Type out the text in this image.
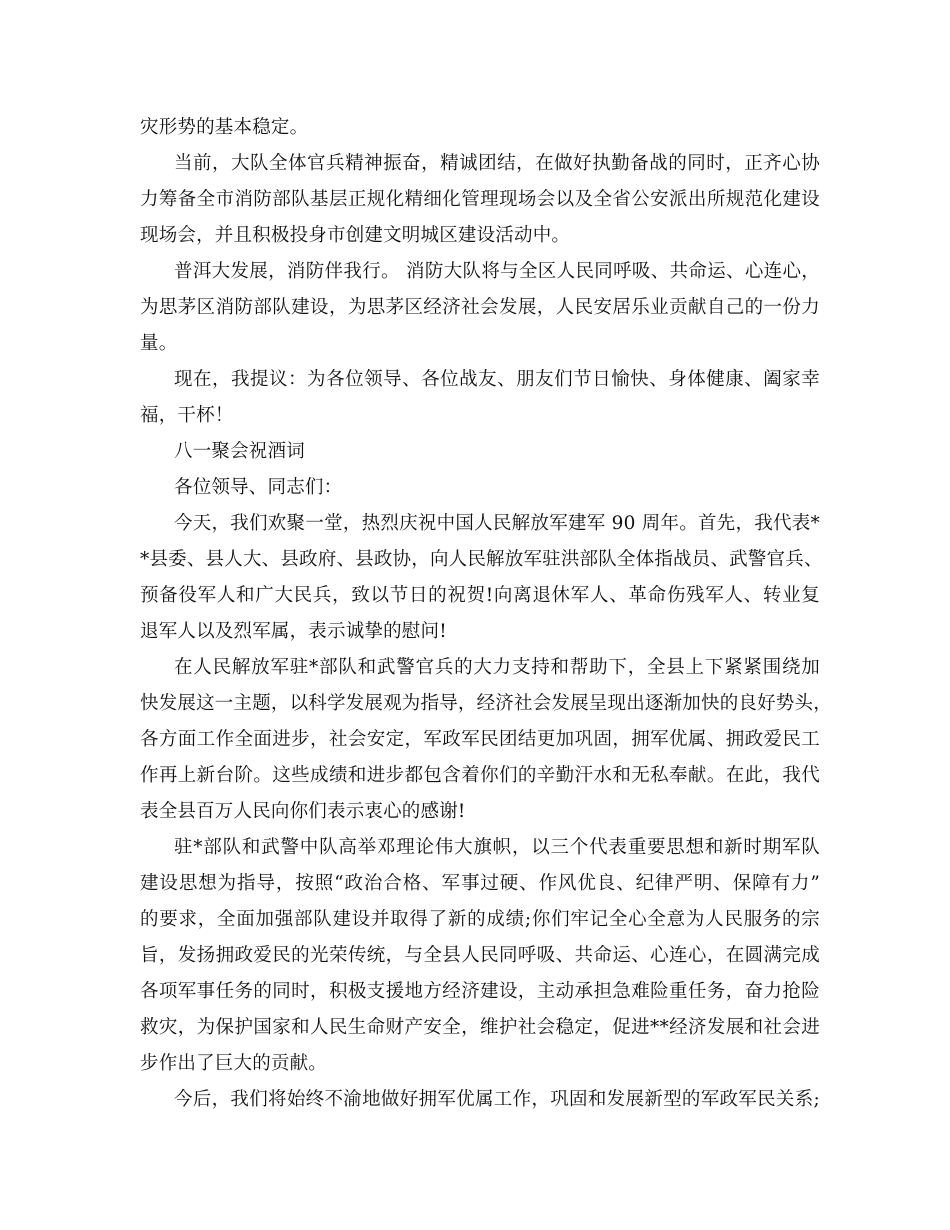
灾形势的基本稳定。
当前，大队全体官兵精神振奋，精诚团结，在做好执勤备战的同时，正齐心协
力筹备全市消防部队基层正规化精细化管理现场会以及全省公安派出所规范化建设
现场会，并且积极投身市创建文明城区建设活动中。
普洱大发展，消防伴我行。 消防大队将与全区人民同呼吸、共命运、心连心，
为思茅区消防部队建设，为思茅区经济社会发展，人民安居乐业贡献自己的一份力
量。
现在，我提议：为各位领导、各位战友、朋友们节日愉快、身体健康、阖家幸
福，干杯！
八一聚会祝酒词
各位领导、同志们：
今天，我们欢聚一堂，热烈庆祝中国人民解放军建军 90 周年。首先，我代表*
*县委、县人大、县政府、县政协，向人民解放军驻洪部队全体指战员、武警官兵、
预备役军人和广大民兵，致以节日的祝贺!向离退休军人、革命伤残军人、转业复
退军人以及烈军属，表示诚挚的慰问!
在人民解放军驻*部队和武警官兵的大力支持和帮助下，全县上下紧紧围绕加
快发展这一主题，以科学发展观为指导，经济社会发展呈现出逐渐加快的良好势头，
各方面工作全面进步，社会安定，军政军民团结更加巩固，拥军优属、拥政爱民工
作再上新台阶。这些成绩和进步都包含着你们的辛勤汗水和无私奉献。在此，我代
表全县百万人民向你们表示衷心的感谢!
驻*部队和武警中队高举邓理论伟大旗帜，以三个代表重要思想和新时期军队
建设思想为指导，按照“政治合格、军事过硬、作风优良、纪律严明、保障有力”
的要求，全面加强部队建设并取得了新的成绩;你们牢记全心全意为人民服务的宗
旨，发扬拥政爱民的光荣传统，与全县人民同呼吸、共命运、心连心，在圆满完成
各项军事任务的同时，积极支援地方经济建设，主动承担急难险重任务，奋力抢险
救灾，为保护国家和人民生命财产安全，维护社会稳定，促进**经济发展和社会进
步作出了巨大的贡献。
今后，我们将始终不渝地做好拥军优属工作，巩固和发展新型的军政军民关系;
